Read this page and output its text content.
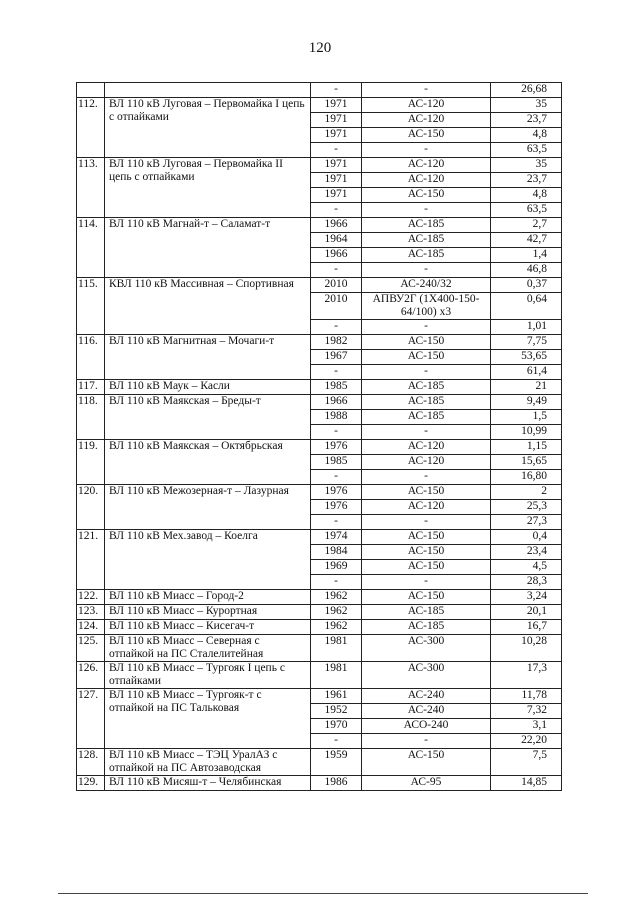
120
		-	-	26,68
112.	ВЛ 110 кВ Луговая – Первомайка I цепь с отпайками	1971	АС-120	35
		1971	АС-120	23,7
		1971	АС-150	4,8
		-	-	63,5
113.	ВЛ 110 кВ Луговая – Первомайка II цепь с отпайками	1971	АС-120	35
		1971	АС-120	23,7
		1971	АС-150	4,8
		-	-	63,5
114.	ВЛ 110 кВ Магнай-т – Саламат-т	1966	АС-185	2,7
		1964	АС-185	42,7
		1966	АС-185	1,4
		-	-	46,8
115.	КВЛ 110 кВ Массивная – Спортивная	2010	АС-240/32	0,37
		2010	АПВУ2Г (1Х400-150-64/100) х3	0,64
		-	-	1,01
116.	ВЛ 110 кВ Магнитная – Мочаги-т	1982	АС-150	7,75
		1967	АС-150	53,65
		-	-	61,4
117.	ВЛ 110 кВ Маук – Касли	1985	АС-185	21
118.	ВЛ 110 кВ Маякская – Бреды-т	1966	АС-185	9,49
		1988	АС-185	1,5
		-	-	10,99
119.	ВЛ 110 кВ Маякская – Октябрьская	1976	АС-120	1,15
		1985	АС-120	15,65
		-	-	16,80
120.	ВЛ 110 кВ Межозерная-т – Лазурная	1976	АС-150	2
		1976	АС-120	25,3
		-	-	27,3
121.	ВЛ 110 кВ Мех.завод – Коелга	1974	АС-150	0,4
		1984	АС-150	23,4
		1969	АС-150	4,5
		-	-	28,3
122.	ВЛ 110 кВ Миасс – Город-2	1962	АС-150	3,24
123.	ВЛ 110 кВ Миасс – Курортная	1962	АС-185	20,1
124.	ВЛ 110 кВ Миасс – Кисегач-т	1962	АС-185	16,7
125.	ВЛ 110 кВ Миасс – Северная с отпайкой на ПС Сталелитейная	1981	АС-300	10,28
126.	ВЛ 110 кВ Миасс – Тургояк I цепь с отпайками	1981	АС-300	17,3
127.	ВЛ 110 кВ Миасс – Тургояк-т с отпайкой на ПС Тальковая	1961	АС-240	11,78
		1952	АС-240	7,32
		1970	АСО-240	3,1
		-	-	22,20
128.	ВЛ 110 кВ Миасс – ТЭЦ УралАЗ с отпайкой на ПС Автозаводская	1959	АС-150	7,5
129.	ВЛ 110 кВ Мисяш-т – Челябинская	1986	АС-95	14,85
